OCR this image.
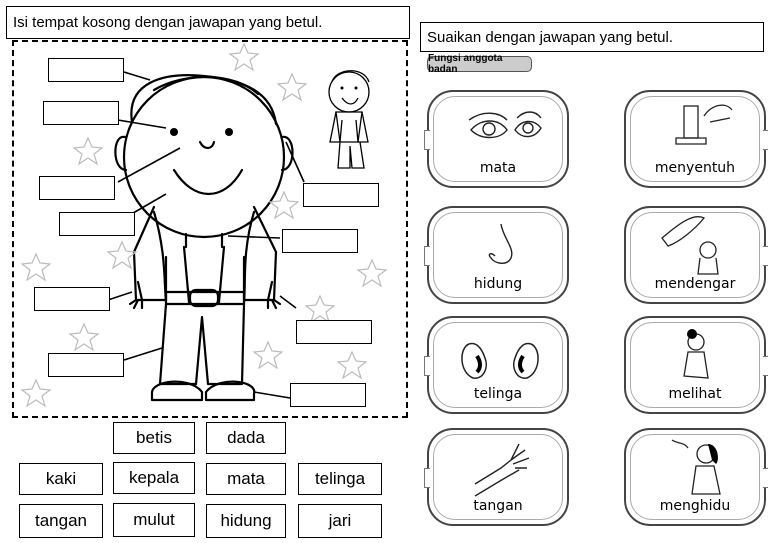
Isi tempat kosong dengan jawapan yang betul.
betis	dada
kaki	kepala	mata	telinga
tangan	mulut	hidung	jari
Suaikan dengan jawapan yang betul.
Fungsi anggota badan
mata
hidung
telinga
tangan
menyentuh
mendengar
melihat
menghidu
